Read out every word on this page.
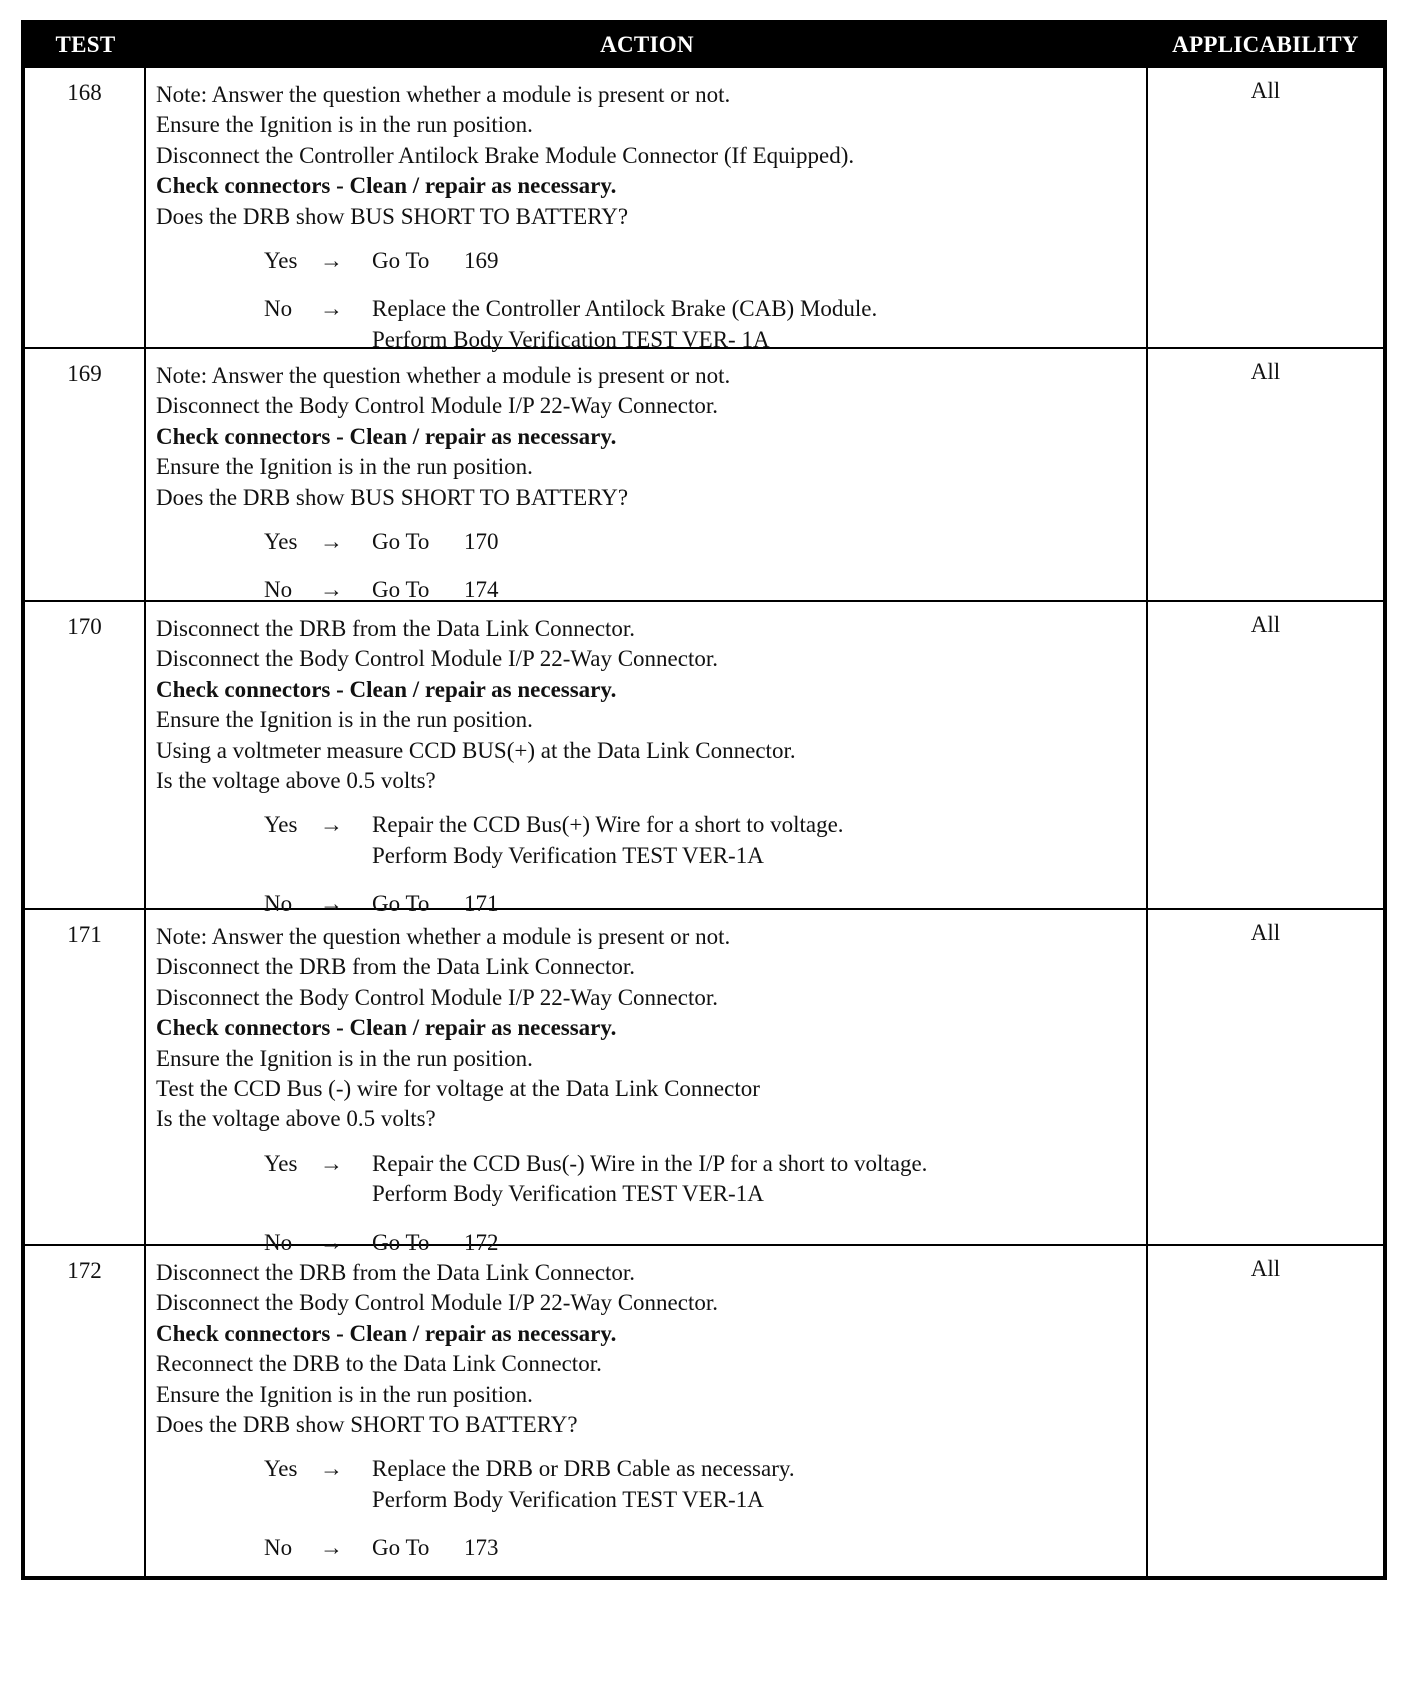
TEST	ACTION	APPLICABILITY
168	Note: Answer the question whether a module is present or not.
Ensure the Ignition is in the run position.
Disconnect the Controller Antilock Brake Module Connector (If Equipped).
Check connectors - Clean / repair as necessary.
Does the DRB show BUS SHORT TO BATTERY?
Yes →	Go To	169
No	→	Replace the Controller Antilock Brake (CAB) Module.
Perform Body Verification TEST VER- 1A
All
169	Note: Answer the question whether a module is present or not.
Disconnect the Body Control Module I/P 22-Way Connector.
Check connectors - Clean / repair as necessary.
Ensure the Ignition is in the run position.
Does the DRB show BUS SHORT TO BATTERY?
Yes →	Go To	170
No	→	Go To	174
All
170	Disconnect the DRB from the Data Link Connector.
Disconnect the Body Control Module I/P 22-Way Connector.
Check connectors - Clean / repair as necessary.
Ensure the Ignition is in the run position.
Using a voltmeter measure CCD BUS(+) at the Data Link Connector.
Is the voltage above 0.5 volts?
Yes →	Repair the CCD Bus(+) Wire for a short to voltage.
Perform Body Verification TEST VER-1A
No	→	Go To	171
All
171	Note: Answer the question whether a module is present or not.
Disconnect the DRB from the Data Link Connector.
Disconnect the Body Control Module I/P 22-Way Connector.
Check connectors - Clean / repair as necessary.
Ensure the Ignition is in the run position.
Test the CCD Bus (-) wire for voltage at the Data Link Connector
Is the voltage above 0.5 volts?
Yes →	Repair the CCD Bus(-) Wire in the I/P for a short to voltage.
Perform Body Verification TEST VER-1A
No	→	Go To	172
All
172	Disconnect the DRB from the Data Link Connector.
Disconnect the Body Control Module I/P 22-Way Connector.
Check connectors - Clean / repair as necessary.
Reconnect the DRB to the Data Link Connector.
Ensure the Ignition is in the run position.
Does the DRB show SHORT TO BATTERY?
Yes →	Replace the DRB or DRB Cable as necessary.
Perform Body Verification TEST VER-1A
No	→	Go To	173
All
